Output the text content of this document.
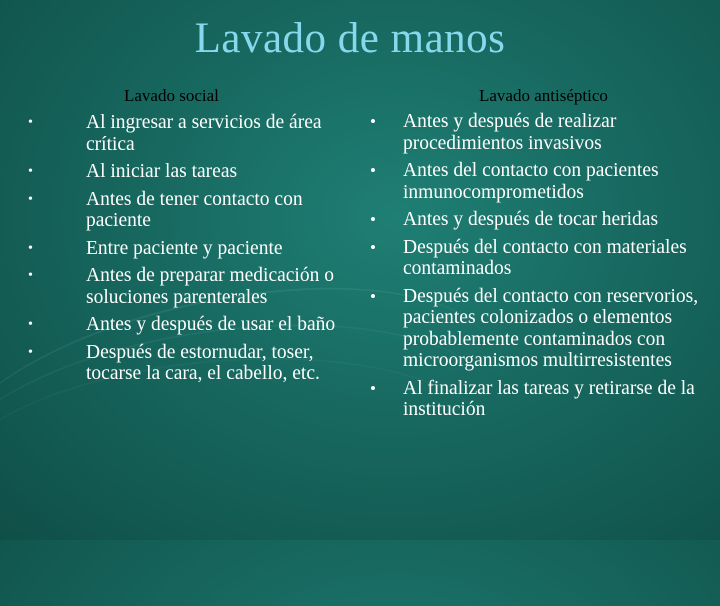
Lavado de manos
Lavado social	Lavado antiséptico
•	Al ingresar a servicios de área crítica
•	Al iniciar las tareas
•	Antes de tener contacto con paciente
•	Entre paciente y paciente
•	Antes de preparar medicación o soluciones parenterales
•	Antes y después de usar el baño
•	Después de estornudar, toser, tocarse la cara, el cabello, etc.
• Antes y después de realizar procedimientos invasivos
• Antes del contacto con pacientes inmunocomprometidos
• Antes y después de tocar heridas
• Después del contacto con materiales contaminados
• Después del contacto con reservorios, pacientes colonizados o elementos probablemente contaminados con microorganismos multirresistentes
• Al finalizar las tareas y retirarse de la institución
